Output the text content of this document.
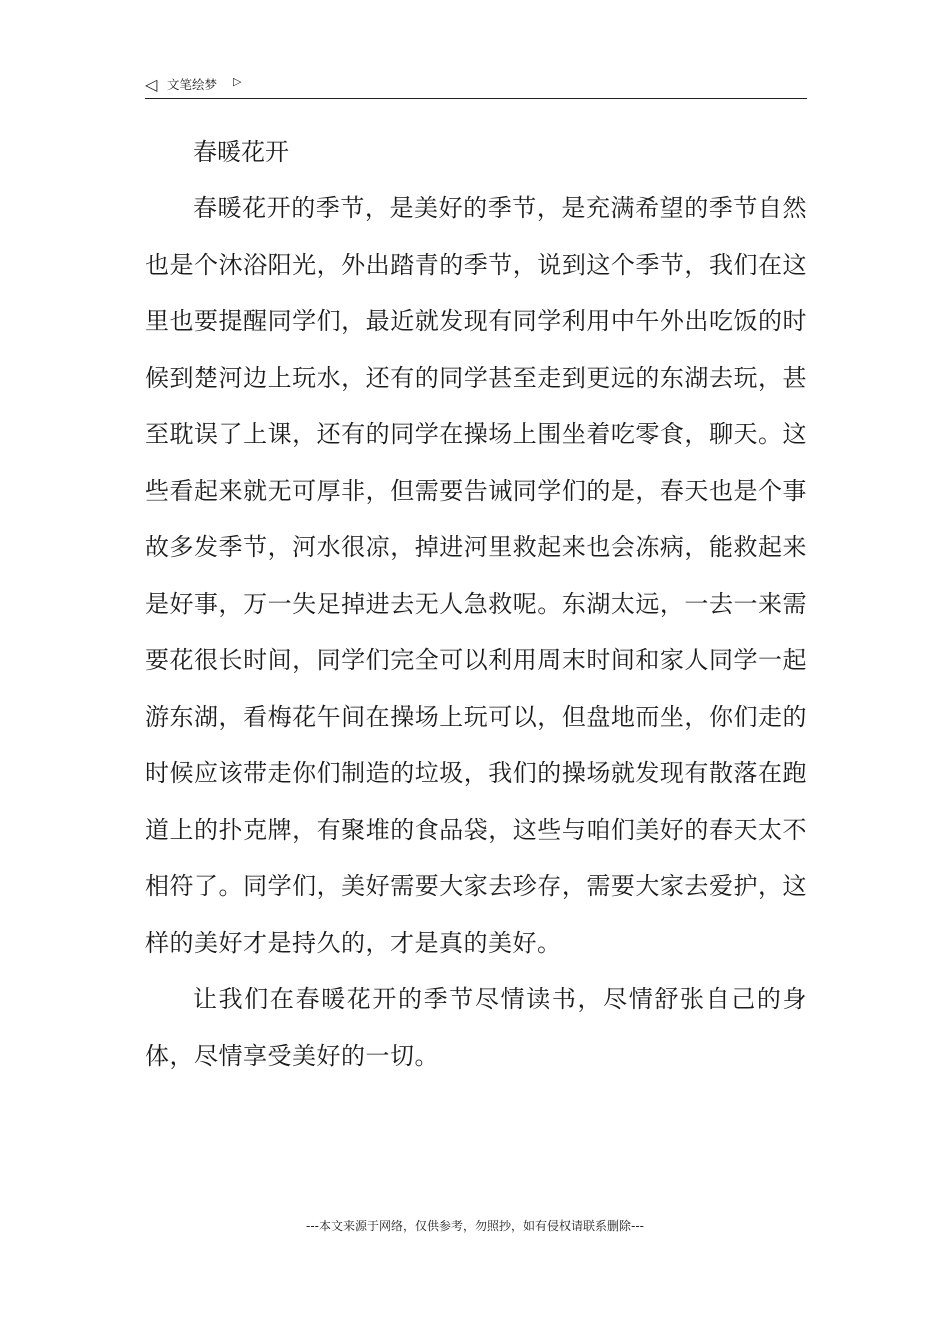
◁ 文笔绘梦 ▷

春暖花开

春暖花开的季节，是美好的季节，是充满希望的季节自然也是个沐浴阳光，外出踏青的季节，说到这个季节，我们在这里也要提醒同学们，最近就发现有同学利用中午外出吃饭的时候到楚河边上玩水，还有的同学甚至走到更远的东湖去玩，甚至耽误了上课，还有的同学在操场上围坐着吃零食，聊天。这些看起来就无可厚非，但需要告诫同学们的是，春天也是个事故多发季节，河水很凉，掉进河里救起来也会冻病，能救起来是好事，万一失足掉进去无人急救呢。东湖太远，一去一来需要花很长时间，同学们完全可以利用周末时间和家人同学一起游东湖，看梅花午间在操场上玩可以，但盘地而坐，你们走的时候应该带走你们制造的垃圾，我们的操场就发现有散落在跑道上的扑克牌，有聚堆的食品袋，这些与咱们美好的春天太不相符了。同学们，美好需要大家去珍存，需要大家去爱护，这样的美好才是持久的，才是真的美好。

让我们在春暖花开的季节尽情读书，尽情舒张自己的身体，尽情享受美好的一切。

---本文来源于网络，仅供参考，勿照抄，如有侵权请联系删除---
